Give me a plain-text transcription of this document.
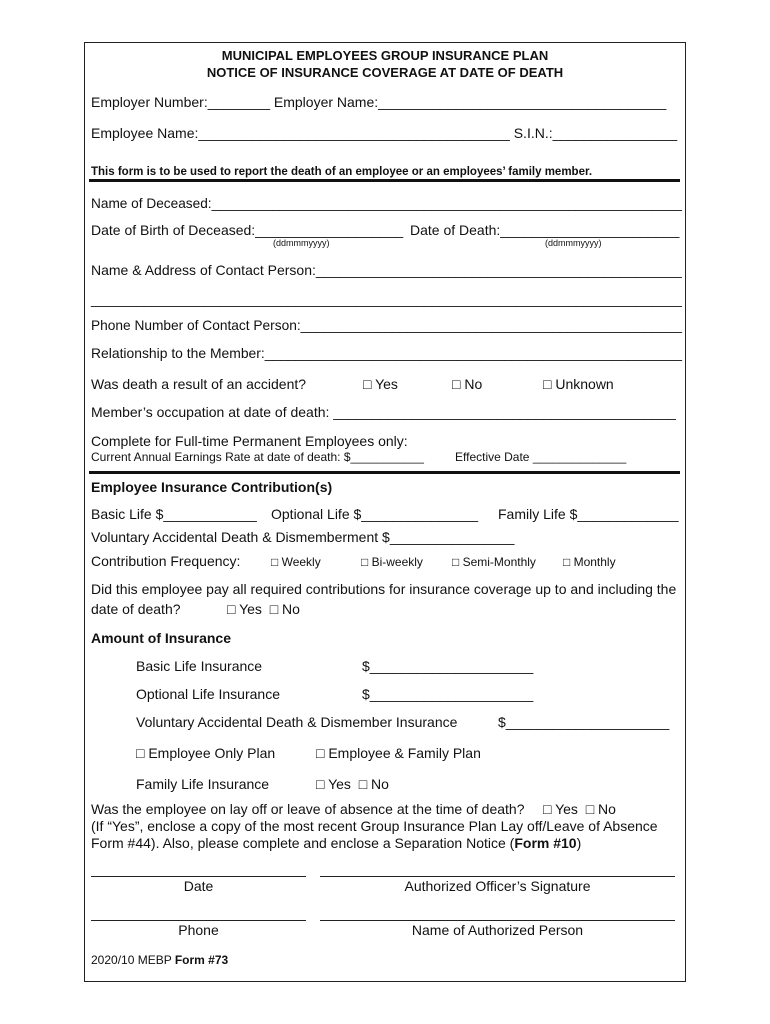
MUNICIPAL EMPLOYEES GROUP INSURANCE PLAN
NOTICE OF INSURANCE COVERAGE AT DATE OF DEATH
Employer Number:________ Employer Name:_____________________________________
Employee Name:________________________________________ S.I.N.:________________
This form is to be used to report the death of an employee or an employees’ family member.
Name of Deceased:______________________________________________________________
Date of Birth of Deceased:___________________ Date of Death:_______________________
(ddmmmyyyy)	(ddmmmyyyy)
Name & Address of Contact Person:_______________________________________________
______________________________________________________________________________
Phone Number of Contact Person:__________________________________________________
Relationship to the Member:______________________________________________________
Was death a result of an accident?	□ Yes	□ No	□ Unknown
Member’s occupation at date of death: ____________________________________________
Complete for Full-time Permanent Employees only:
Current Annual Earnings Rate at date of death: $___________	Effective Date ______________
Employee Insurance Contribution(s)
Basic Life $____________ Optional Life $_______________ Family Life $_____________
Voluntary Accidental Death & Dismemberment $________________
Contribution Frequency:	□ Weekly	□ Bi-weekly □ Semi-Monthly □ Monthly
Did this employee pay all required contributions for insurance coverage up to and including the
date of death?	□ Yes  □ No
Amount of Insurance
Basic Life Insurance	$_____________________
Optional Life Insurance	$_____________________
Voluntary Accidental Death & Dismember Insurance	$_____________________
□ Employee Only Plan	□ Employee & Family Plan
Family Life Insurance	□ Yes  □ No
Was the employee on lay off or leave of absence at the time of death? □ Yes  □ No
(If “Yes”, enclose a copy of the most recent Group Insurance Plan Lay off/Leave of Absence
Form #44). Also, please complete and enclose a Separation Notice (Form #10)
Date	Authorized Officer’s Signature
Phone	Name of Authorized Person
2020/10 MEBP Form #73
